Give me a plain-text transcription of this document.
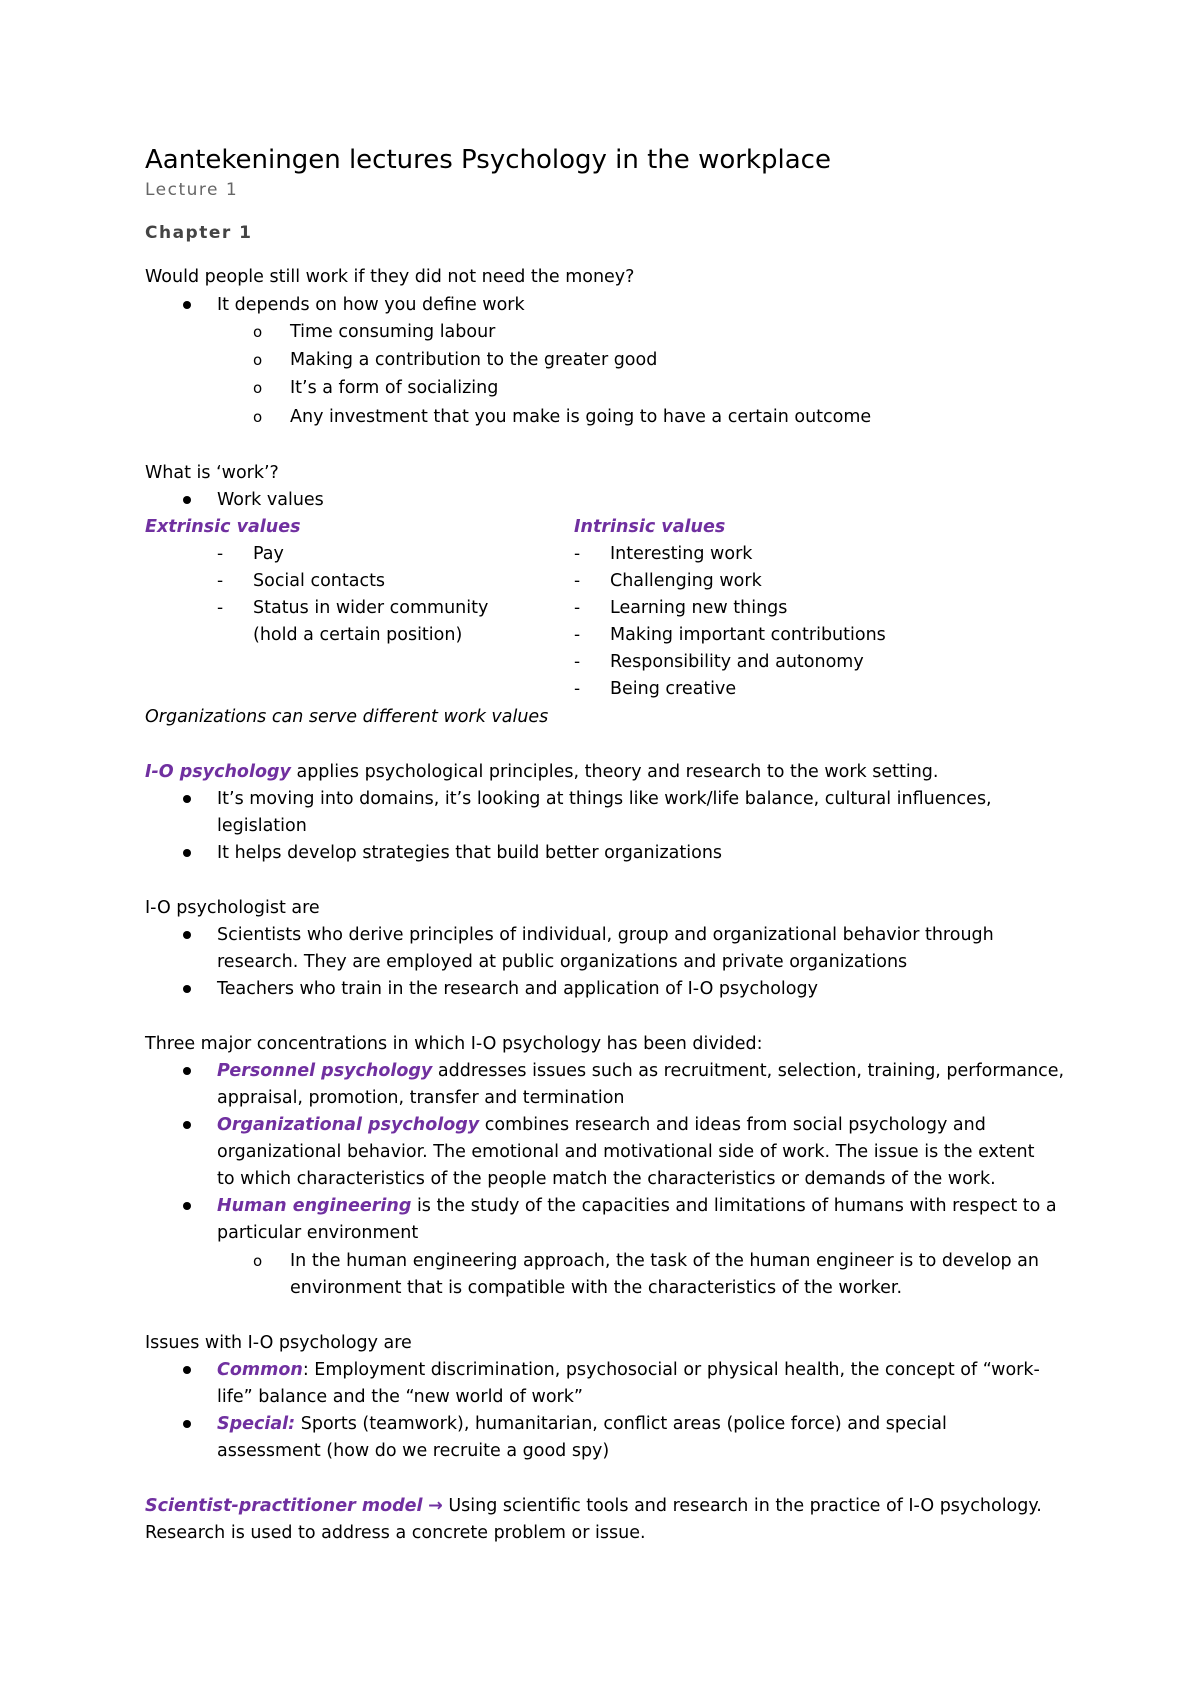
Aantekeningen lectures Psychology in the workplace
Lecture 1
Chapter 1
Would people still work if they did not need the money?
It depends on how you define work
o Time consuming labour
o Making a contribution to the greater good
o It’s a form of socializing
o Any investment that you make is going to have a certain outcome
What is ‘work’?
Work values
Extrinsic values
- Pay
- Social contacts
- Status in wider community
(hold a certain position)
Intrinsic values
- Interesting work
- Challenging work
- Learning new things
- Making important contributions
- Responsibility and autonomy
- Being creative
Organizations can serve different work values
I-O psychology applies psychological principles, theory and research to the work setting.
It’s moving into domains, it’s looking at things like work/life balance, cultural influences,
legislation
It helps develop strategies that build better organizations
I-O psychologist are
Scientists who derive principles of individual, group and organizational behavior through
research. They are employed at public organizations and private organizations
Teachers who train in the research and application of I-O psychology
Three major concentrations in which I-O psychology has been divided:
Personnel psychology addresses issues such as recruitment, selection, training, performance,
appraisal, promotion, transfer and termination
Organizational psychology combines research and ideas from social psychology and
organizational behavior. The emotional and motivational side of work. The issue is the extent
to which characteristics of the people match the characteristics or demands of the work.
Human engineering is the study of the capacities and limitations of humans with respect to a
particular environment
o In the human engineering approach, the task of the human engineer is to develop an
environment that is compatible with the characteristics of the worker.
Issues with I-O psychology are
Common: Employment discrimination, psychosocial or physical health, the concept of “work-
life” balance and the “new world of work”
Special: Sports (teamwork), humanitarian, conflict areas (police force) and special
assessment (how do we recruite a good spy)
Scientist-practitioner model → Using scientific tools and research in the practice of I-O psychology.
Research is used to address a concrete problem or issue.
